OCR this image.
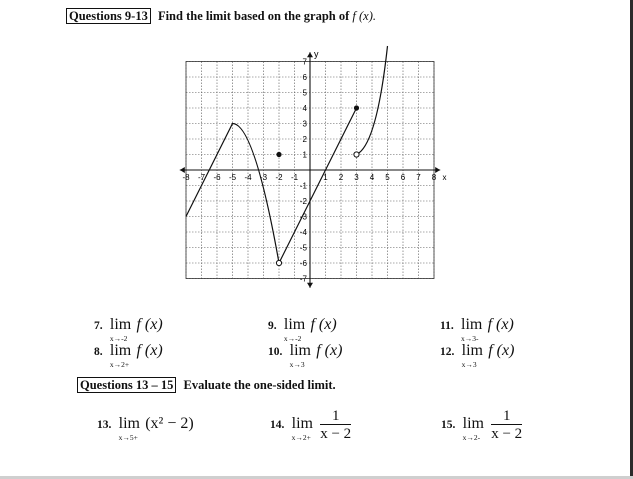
Questions 9-13 Find the limit based on the graph of f (x).
-8 -7 -6 -5 -4 -3 -2 -1	1 2 3 4 5 6 7 8
7
6
5
4
3
2
1
-1
-2
-3
-4
-5
-6
-7
y
x
7. lim
x→-2
f (x)
8. lim
x→2+
f (x)
9. lim
x→-2
f (x)
10. lim
x→3
f (x)
11. lim
x→3-
f (x)
12. lim
x→3
f (x)
Questions 13 – 15 Evaluate the one-sided limit.
13. lim
x→5+
(x² − 2)	14. lim
x→2+
$\frac{1}{x - 2}$	15. lim
x→2-
$\frac{1}{x - 2}$
